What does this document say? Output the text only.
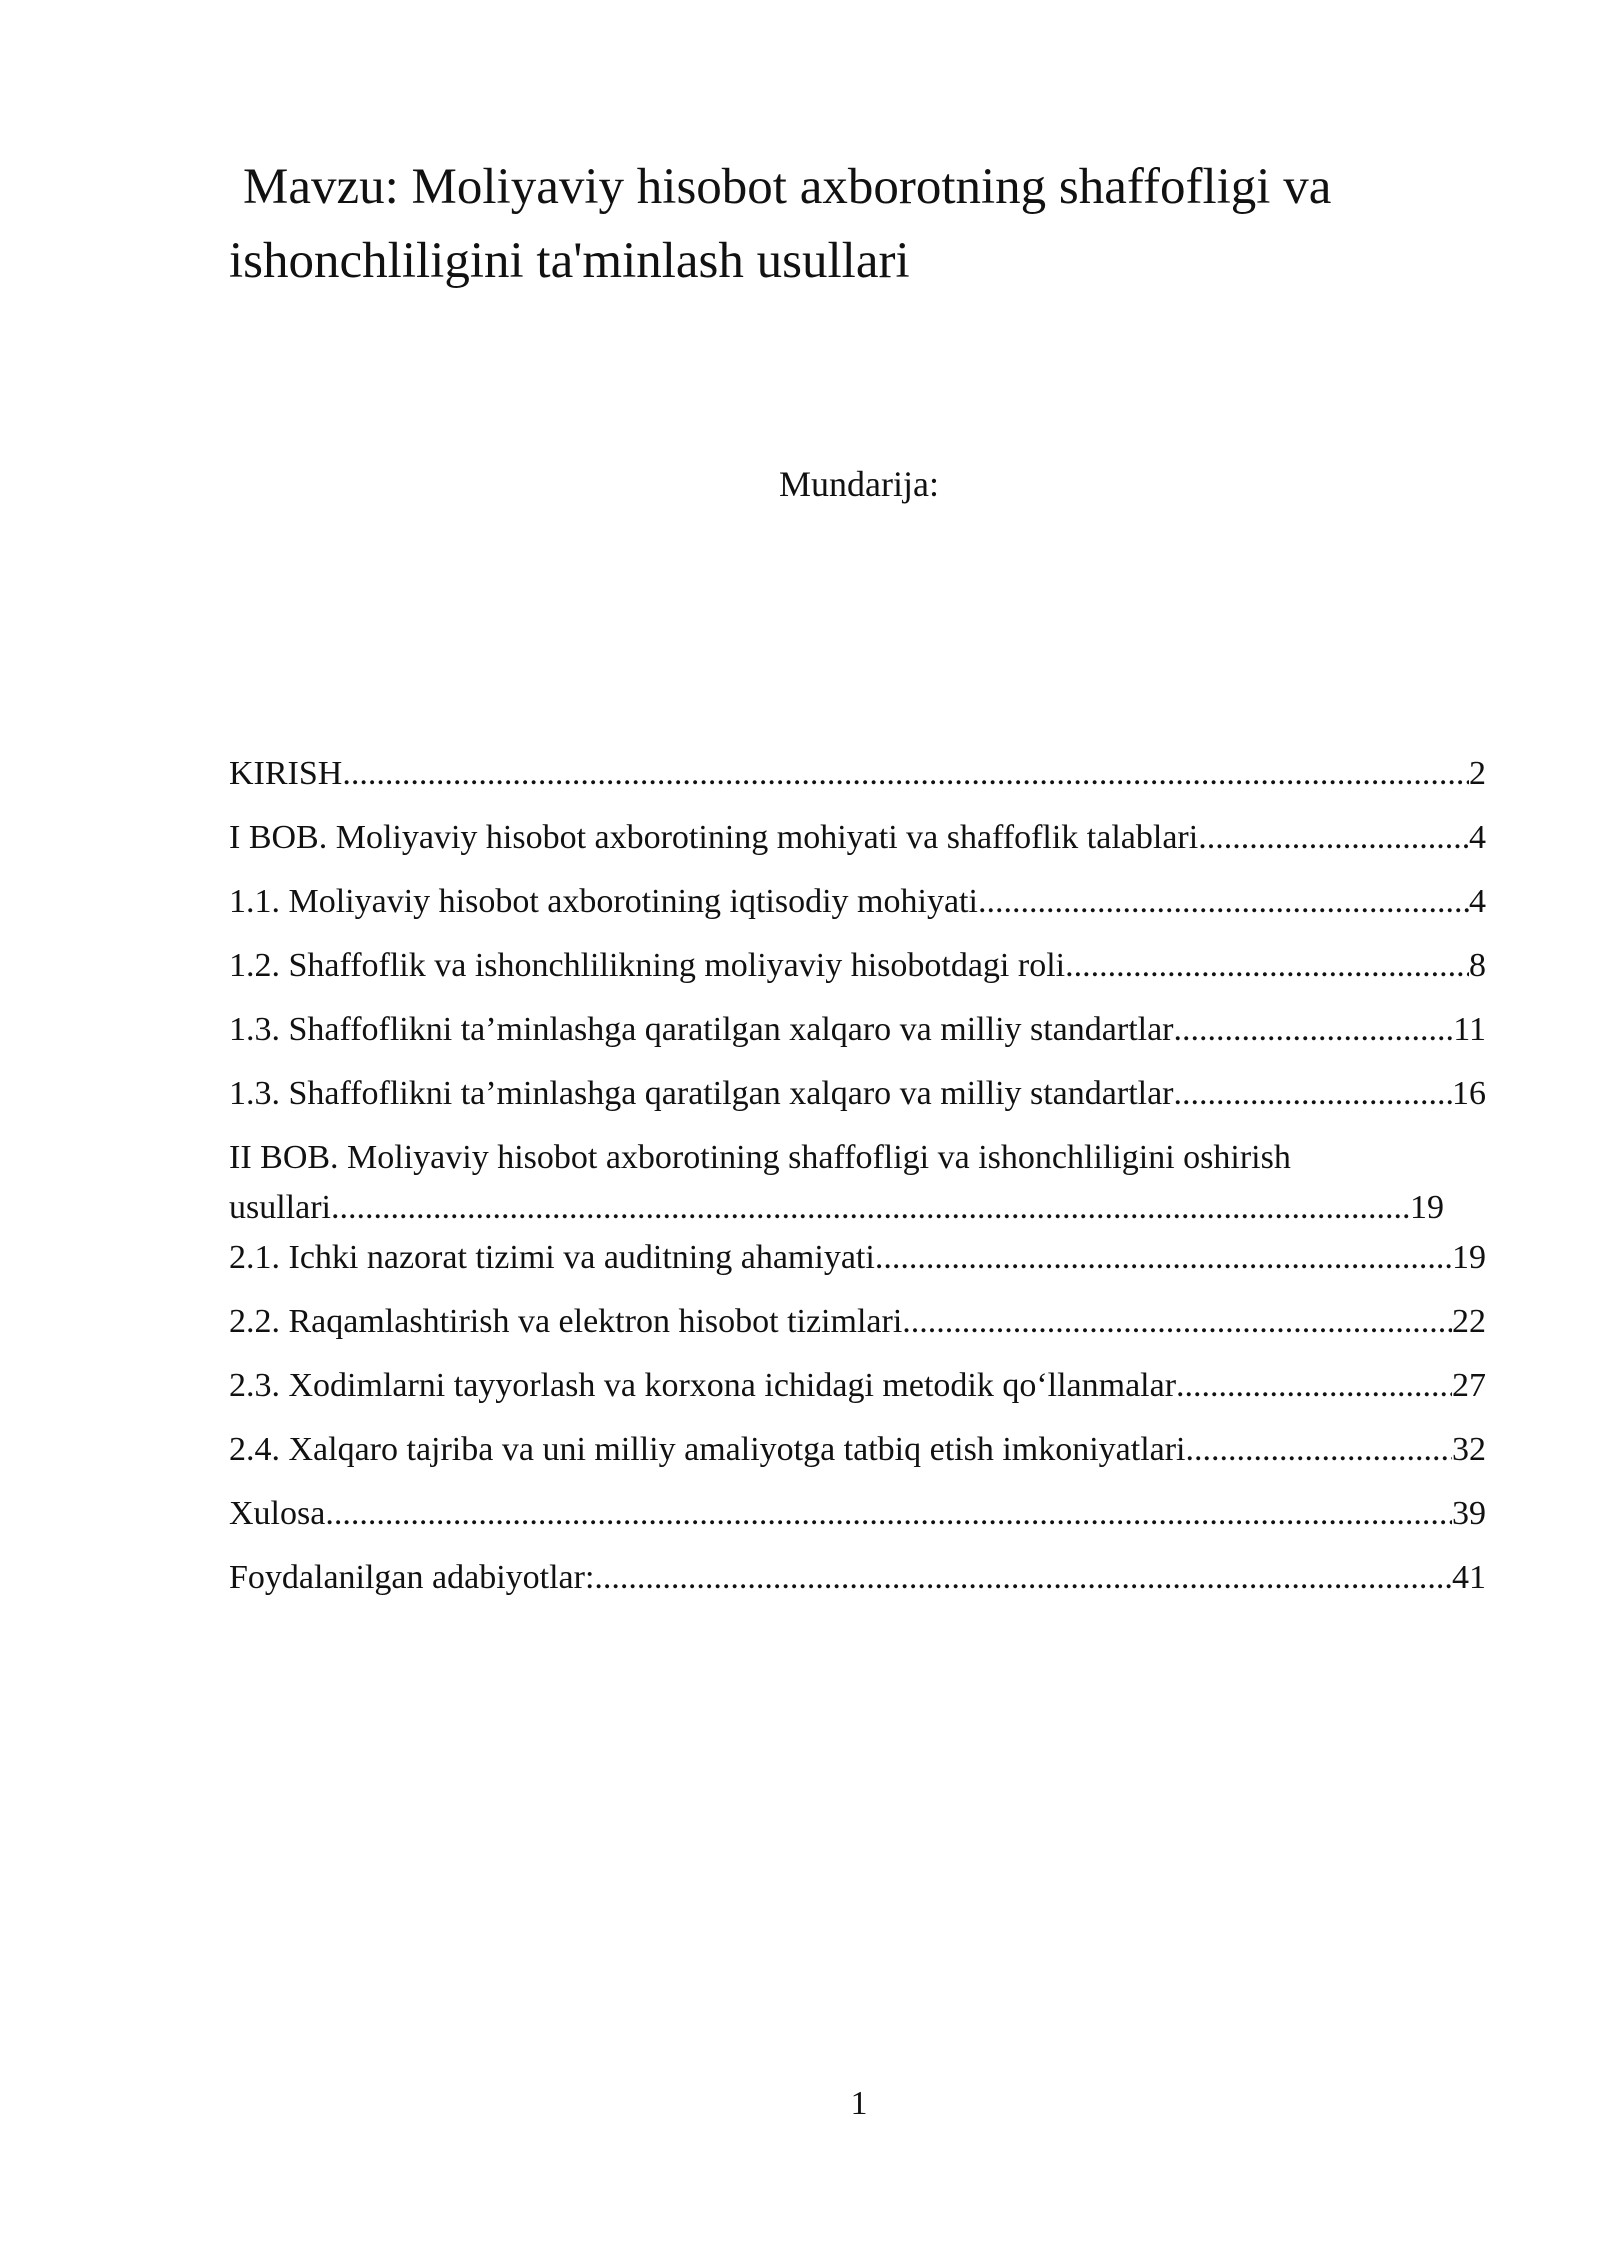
Mavzu: Moliyaviy hisobot axborotning shaffofligi va
ishonchliligini ta'minlash usullari
Mundarija:
KIRISH .....	2
I BOB. Moliyaviy hisobot axborotining mohiyati va shaffoflik talablari .....	4
1.1. Moliyaviy hisobot axborotining iqtisodiy mohiyati .....	4
1.2. Shaffoflik va ishonchlilikning moliyaviy hisobotdagi roli .....	8
1.3. Shaffoflikni ta’minlashga qaratilgan xalqaro va milliy standartlar .....	11
1.3. Shaffoflikni ta’minlashga qaratilgan xalqaro va milliy standartlar .....	16
II BOB. Moliyaviy hisobot axborotining shaffofligi va ishonchliligini oshirish
usullari .....	19
2.1. Ichki nazorat tizimi va auditning ahamiyati .....	19
2.2. Raqamlashtirish va elektron hisobot tizimlari .....	22
2.3. Xodimlarni tayyorlash va korxona ichidagi metodik qo‘llanmalar .....	27
2.4. Xalqaro tajriba va uni milliy amaliyotga tatbiq etish imkoniyatlari .....	32
Xulosa .....	39
Foydalanilgan adabiyotlar: .....	41
1
